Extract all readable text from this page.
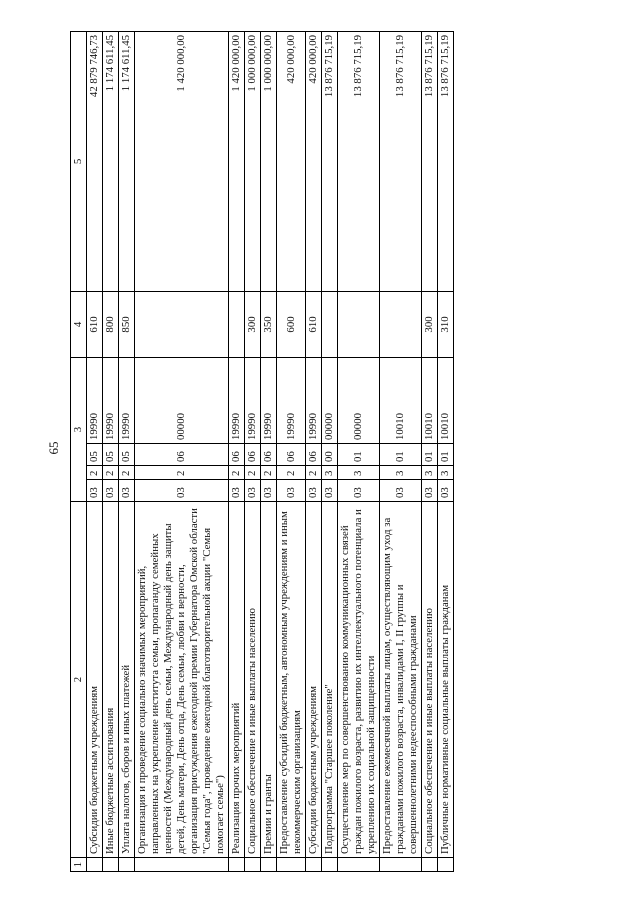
65
1	2	3				4	5
	Субсидии бюджетным учреждениям	03	2	05	19990	610	42 879 746,73
	Иные бюджетные ассигнования	03	2	05	19990	800	1 174 611,45
	Уплата налогов, сборов и иных платежей	03	2	05	19990	850	1 174 611,45
	Организация и проведение социально значимых мероприятий, направленных на укрепление института семьи, пропаганду семейных ценностей (Международный день семьи, Международный день защиты детей, День матери, День отца, День семьи, любви и верности, организация присуждения ежегодной премии Губернатора Омской области "Семья года", проведение ежегодной благотворительной акции "Семья помогает семье")	03	2	06	00000		1 420 000,00
	Реализация прочих мероприятий	03	2	06	19990		1 420 000,00
	Социальное обеспечение и иные выплаты населению	03	2	06	19990	300	1 000 000,00
	Премии и гранты	03	2	06	19990	350	1 000 000,00
	Предоставление субсидий бюджетным, автономным учреждениям и иным некоммерческим организациям	03	2	06	19990	600	420 000,00
	Субсидии бюджетным учреждениям	03	2	06	19990	610	420 000,00
	Подпрограмма "Старшее поколение"	03	3	00	00000		13 876 715,19
	Осуществление мер по совершенствованию коммуникационных связей граждан пожилого возраста, развитию их интеллектуального потенциала и укреплению их социальной защищенности	03	3	01	00000		13 876 715,19
	Предоставление ежемесячной выплаты лицам, осуществляющим уход за гражданами пожилого возраста, инвалидами I, II группы и совершеннолетними недееспособными гражданами	03	3	01	10010		13 876 715,19
	Социальное обеспечение и иные выплаты населению	03	3	01	10010	300	13 876 715,19
	Публичные нормативные социальные выплаты гражданам	03	3	01	10010	310	13 876 715,19
